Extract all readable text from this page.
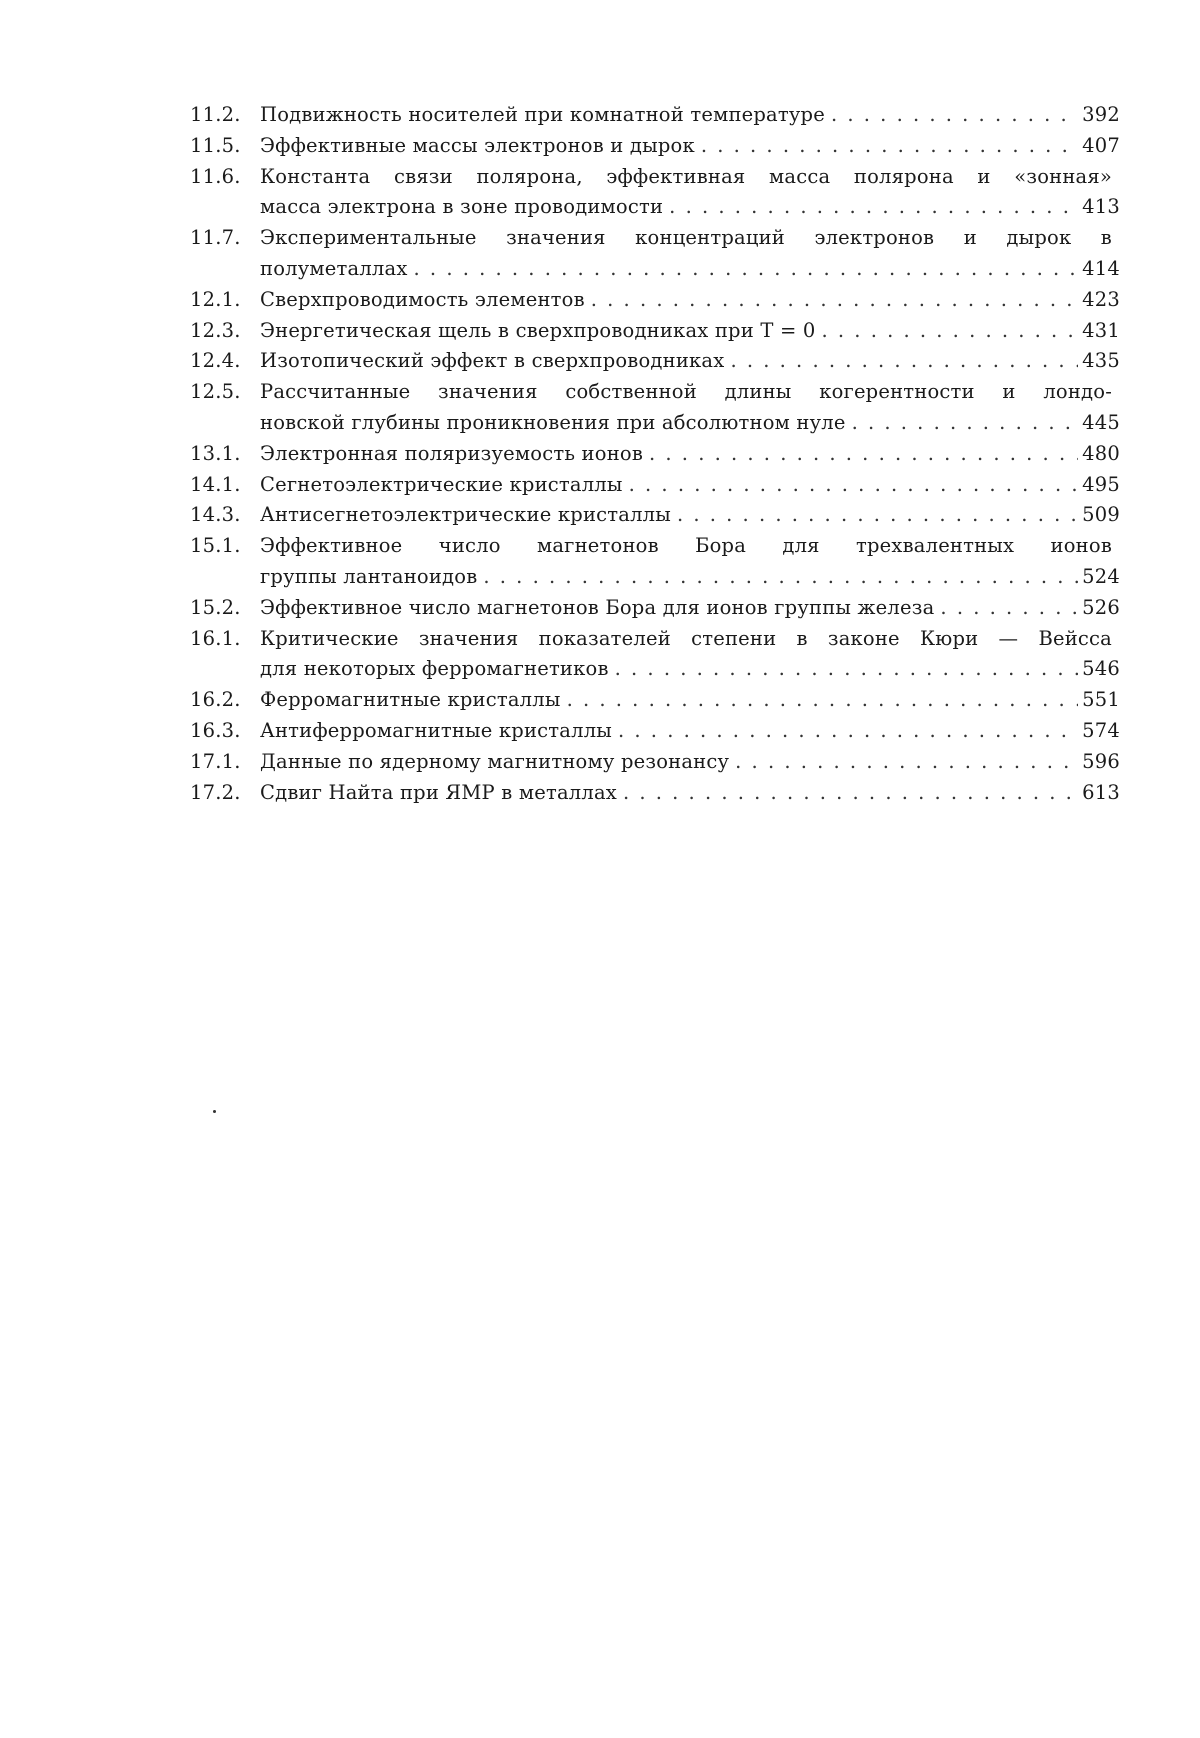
11.2. Подвижность носителей при комнатной температуре
. . .	392
11.5. Эффективные массы электронов и дырок
. . .	407
11.6. Константа связи полярона, эффективная масса полярона и «зонная»
масса электрона в зоне проводимости
. . .	413
11.7. Экспериментальные значения концентраций электронов и дырок в
полуметаллах
. . .	414
12.1. Сверхпроводимость элементов
. . .	423
12.3. Энергетическая щель в сверхпроводниках при T = 0
. . .	431
12.4. Изотопический эффект в сверхпроводниках
. . .	435
12.5. Рассчитанные значения собственной длины когерентности и лондо-
новской глубины проникновения при абсолютном нуле
. . .	445
13.1. Электронная поляризуемость ионов
. . .	480
14.1. Сегнетоэлектрические кристаллы
. . .	495
14.3. Антисегнетоэлектрические кристаллы
. . .	509
15.1. Эффективное число магнетонов Бора для трехвалентных ионов
группы лантаноидов
. . .	524
15.2. Эффективное число магнетонов Бора для ионов группы железа
. . .	526
16.1. Критические значения показателей степени в законе Кюри — Вейсса
для некоторых ферромагнетиков
. . .	546
16.2. Ферромагнитные кристаллы
. . .	551
16.3. Антиферромагнитные кристаллы
. . .	574
17.1. Данные по ядерному магнитному резонансу
. . .	596
17.2. Сдвиг Найта при ЯМР в металлах
. . .	613
